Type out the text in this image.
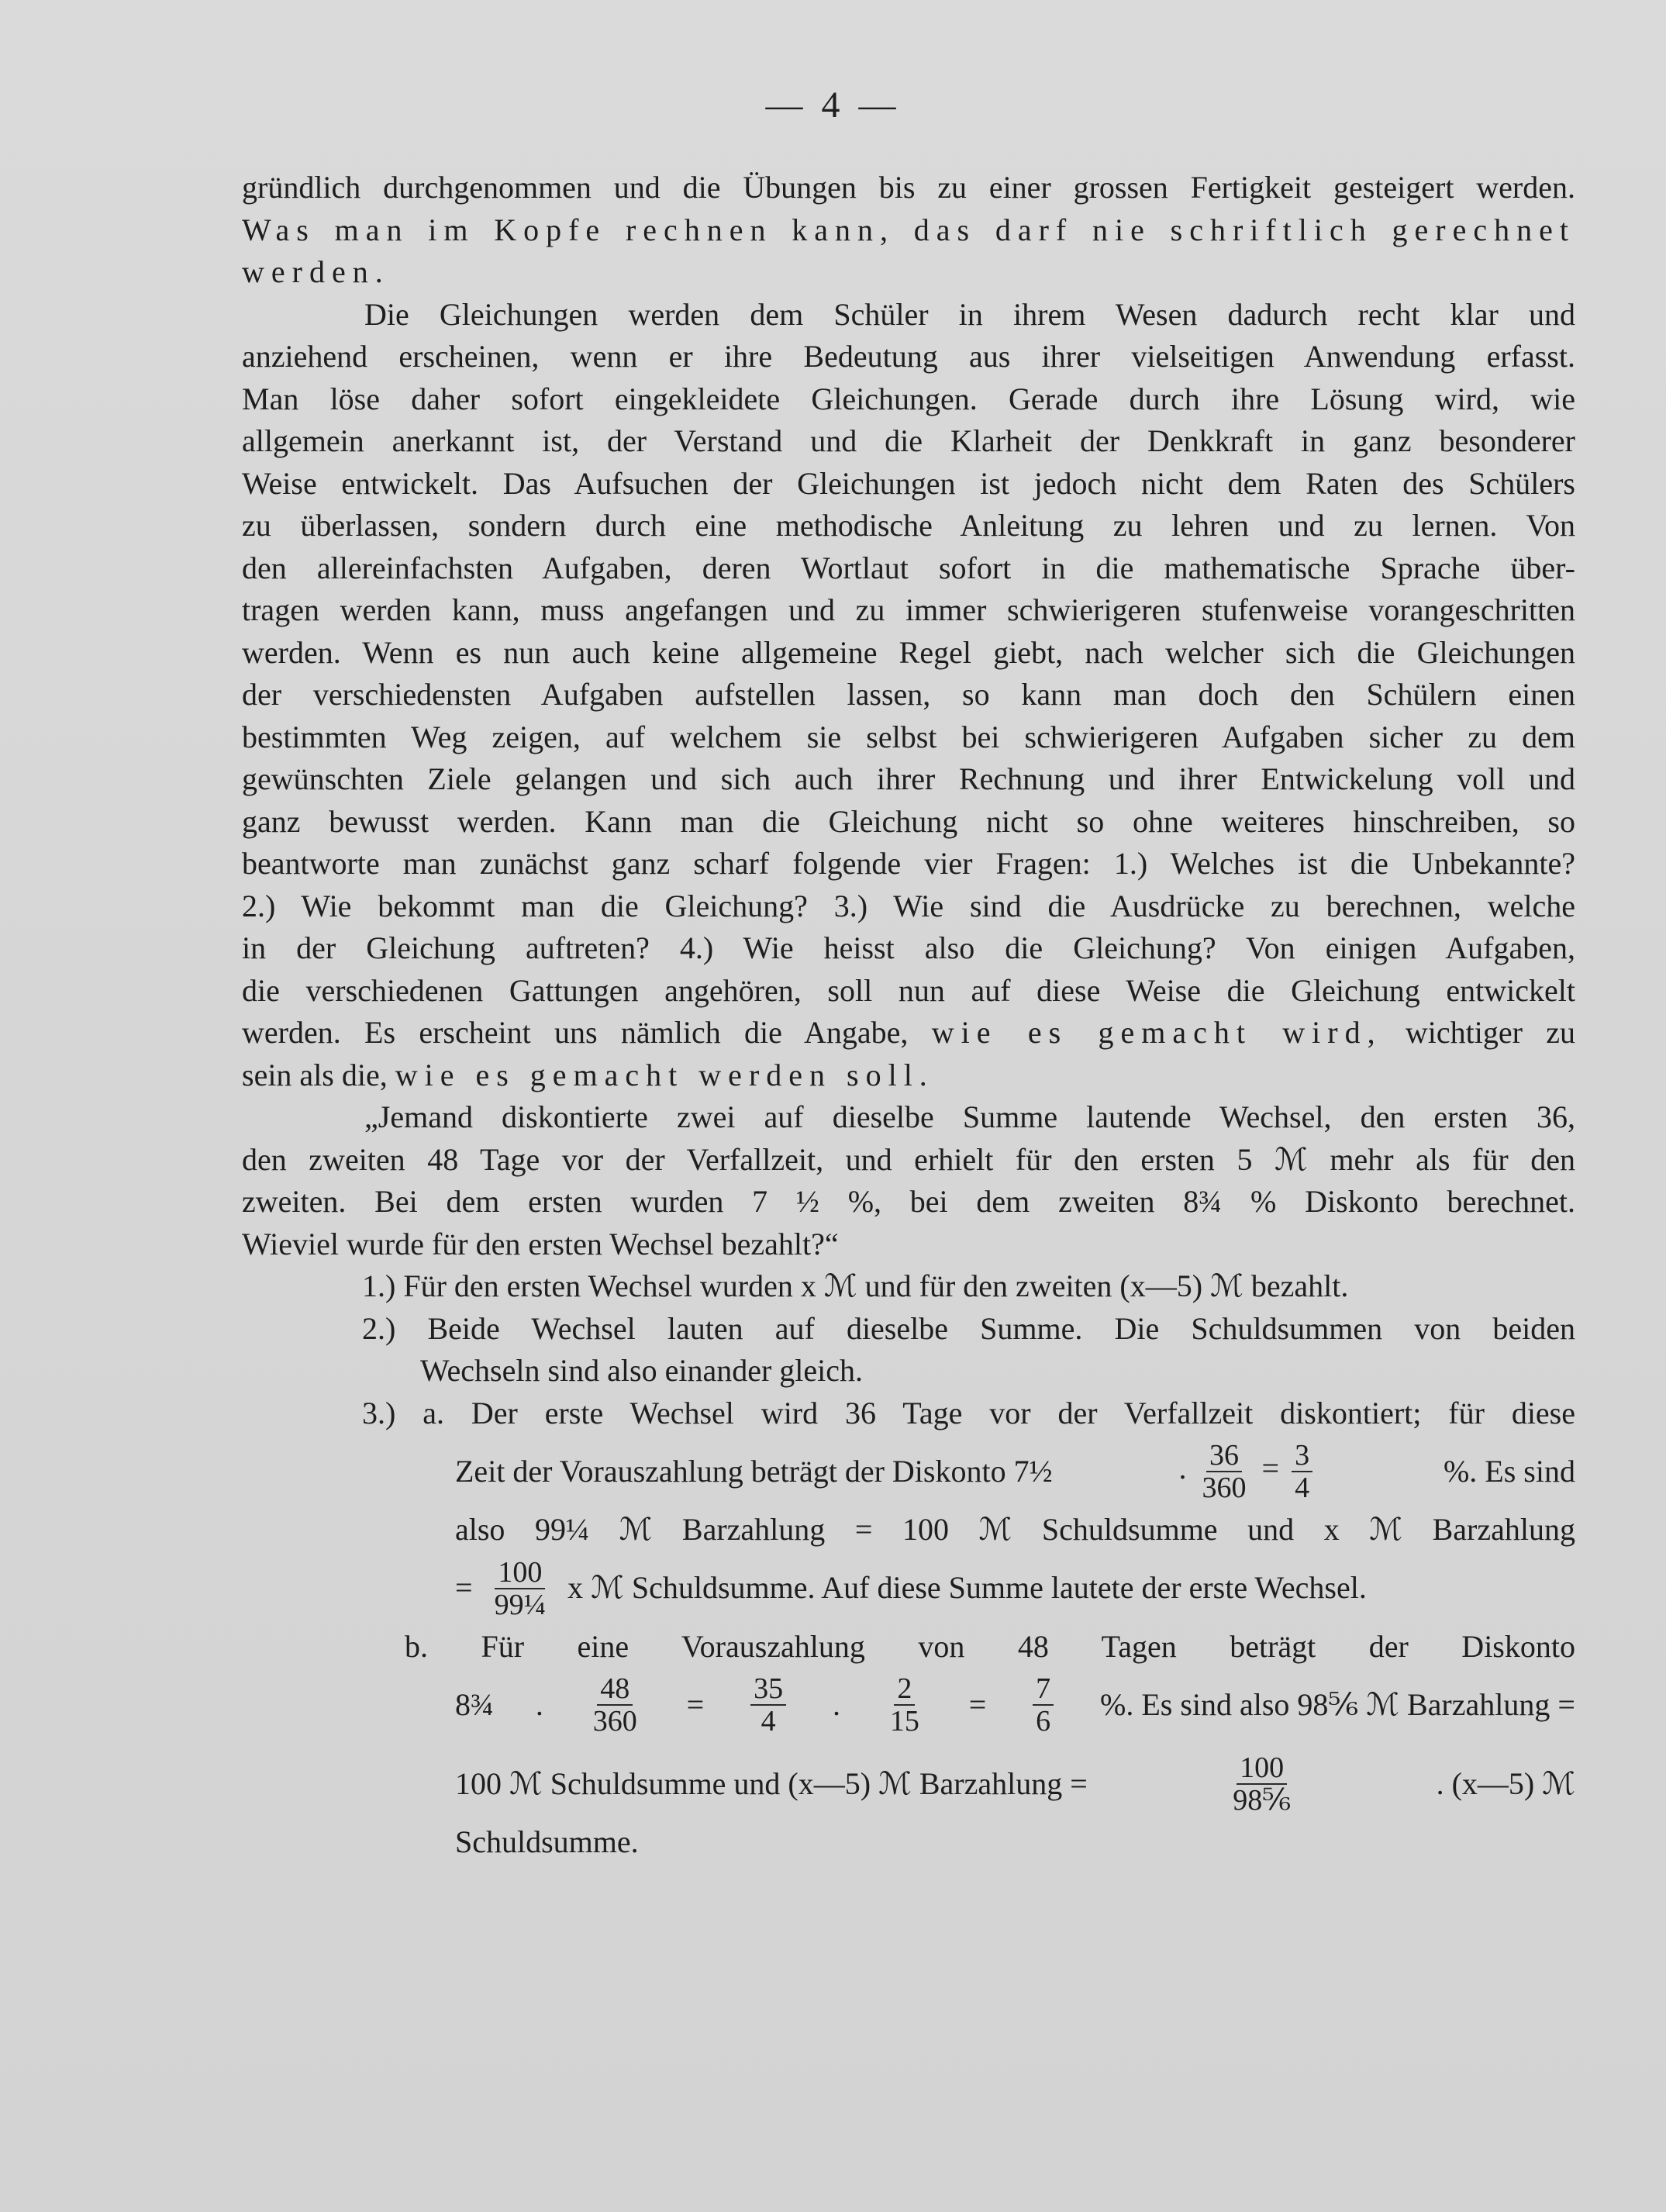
— 4 —
gründlich durchgenommen und die Übungen bis zu einer grossen Fertigkeit gesteigert werden.
Was man im Kopfe rechnen kann, das darf nie schriftlich gerechnet
werden.
Die Gleichungen werden dem Schüler in ihrem Wesen dadurch recht klar und
anziehend erscheinen, wenn er ihre Bedeutung aus ihrer vielseitigen Anwendung erfasst.
Man löse daher sofort eingekleidete Gleichungen. Gerade durch ihre Lösung wird, wie
allgemein anerkannt ist, der Verstand und die Klarheit der Denkkraft in ganz besonderer
Weise entwickelt. Das Aufsuchen der Gleichungen ist jedoch nicht dem Raten des Schülers
zu überlassen, sondern durch eine methodische Anleitung zu lehren und zu lernen. Von
den allereinfachsten Aufgaben, deren Wortlaut sofort in die mathematische Sprache über-
tragen werden kann, muss angefangen und zu immer schwierigeren stufenweise vorangeschritten
werden. Wenn es nun auch keine allgemeine Regel giebt, nach welcher sich die Gleichungen
der verschiedensten Aufgaben aufstellen lassen, so kann man doch den Schülern einen
bestimmten Weg zeigen, auf welchem sie selbst bei schwierigeren Aufgaben sicher zu dem
gewünschten Ziele gelangen und sich auch ihrer Rechnung und ihrer Entwickelung voll und
ganz bewusst werden. Kann man die Gleichung nicht so ohne weiteres hinschreiben, so
beantworte man zunächst ganz scharf folgende vier Fragen: 1.) Welches ist die Unbekannte?
2.) Wie bekommt man die Gleichung? 3.) Wie sind die Ausdrücke zu berechnen, welche
in der Gleichung auftreten? 4.) Wie heisst also die Gleichung? Von einigen Aufgaben,
die verschiedenen Gattungen angehören, soll nun auf diese Weise die Gleichung entwickelt
werden. Es erscheint uns nämlich die Angabe, wie es gemacht wird, wichtiger zu
sein als die, wie es gemacht werden soll.
„Jemand diskontierte zwei auf dieselbe Summe lautende Wechsel, den ersten 36,
den zweiten 48 Tage vor der Verfallzeit, und erhielt für den ersten 5 ℳ mehr als für den
zweiten. Bei dem ersten wurden 7 ½ %, bei dem zweiten 8¾ % Diskonto berechnet.
Wieviel wurde für den ersten Wechsel bezahlt?“
1.) Für den ersten Wechsel wurden x ℳ und für den zweiten (x—5) ℳ bezahlt.
2.) Beide Wechsel lauten auf dieselbe Summe. Die Schuldsummen von beiden
Wechseln sind also einander gleich.
3.) a. Der erste Wechsel wird 36 Tage vor der Verfallzeit diskontiert; für diese
Zeit der Vorauszahlung beträgt der Diskonto 7½	. $\frac{36}{360} = \frac{3}{4}$	%. Es sind
also 99¼ ℳ Barzahlung = 100 ℳ Schuldsumme und x ℳ Barzahlung
= 100
99¼ x ℳ Schuldsumme. Auf diese Summe lautete der erste Wechsel.
b. Für eine Vorauszahlung von 48 Tagen beträgt der Diskonto
8¾ . $\frac{48}{360} = \frac{35}{4}$ . $\frac{2}{15} = \frac{7}{6}$ %. Es sind also 98⅚ ℳ Barzahlung =
100 ℳ Schuldsumme und (x—5) ℳ Barzahlung =	$\frac{100}{\text{98⅚}}$	. (x—5) ℳ
Schuldsumme.
